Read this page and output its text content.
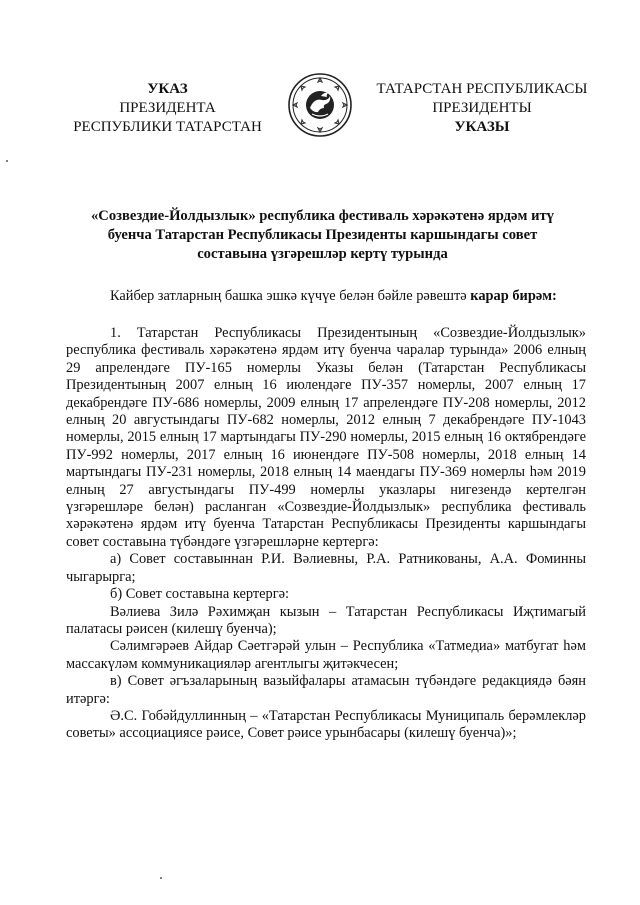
УКАЗ
ПРЕЗИДЕНТА
РЕСПУБЛИКИ ТАТАРСТАН
ТАТАРСТАН РЕСПУБЛИКАСЫ
ПРЕЗИДЕНТЫ
УКАЗЫ
«Созвездие-Йолдызлык» республика фестиваль хәрәкәтенә ярдәм итү
буенча Татарстан Республикасы Президенты каршындагы совет
составына үзгәрешләр кертү турында

Кайбер затларның башка эшкә күчүе белән бәйле рәвештә карар бирәм:

1. Татарстан Республикасы Президентының «Созвездие-Йолдызлык» республика фестиваль хәрәкәтенә ярдәм итү буенча чаралар турында» 2006 елның 29 апрелендәге ПУ-165 номерлы Указы белән (Татарстан Республикасы Президентының 2007 елның 16 июлендәге ПУ-357 номерлы, 2007 елның 17 декабрендәге ПУ-686 номерлы, 2009 елның 17 апрелендәге ПУ-208 номерлы, 2012 елның 20 августындагы ПУ-682 номерлы, 2012 елның 7 декабрендәге ПУ-1043 номерлы, 2015 елның 17 мартындагы ПУ-290 номерлы, 2015 елның 16 октябрендәге ПУ-992 номерлы, 2017 елның 16 июнендәге ПУ-508 номерлы, 2018 елның 14 мартындагы ПУ-231 номерлы, 2018 елның 14 маендагы ПУ-369 номерлы һәм 2019 елның 27 августындагы ПУ-499 номерлы указлары нигезендә кертелгән үзгәрешләре белән) расланган «Созвездие-Йолдызлык» республика фестиваль хәрәкәтенә ярдәм итү буенча Татарстан Республикасы Президенты каршындагы совет составына түбәндәге үзгәрешләрне кертергә:

а) Совет составыннан Р.И. Вәлиевны, Р.А. Ратникованы, А.А. Фоминны чыгарырга;

б) Совет составына кертергә:

Вәлиева Зилә Рәхимҗан кызын – Татарстан Республикасы Иҗтимагый палатасы рәисен (килешү буенча);

Сәлимгәрәев Айдар Сәетгәрәй улын – Республика «Татмедиа» матбугат һәм массакүләм коммуникацияләр агентлыгы җитәкчесен;

в) Совет әгъзаларының вазыйфалары атамасын түбәндәге редакциядә бәян итәргә:

Ә.С. Гобәйдуллинның – «Татарстан Республикасы Муниципаль берәмлекләр советы» ассоциациясе рәисе, Совет рәисе урынбасары (килешү буенча)»;
